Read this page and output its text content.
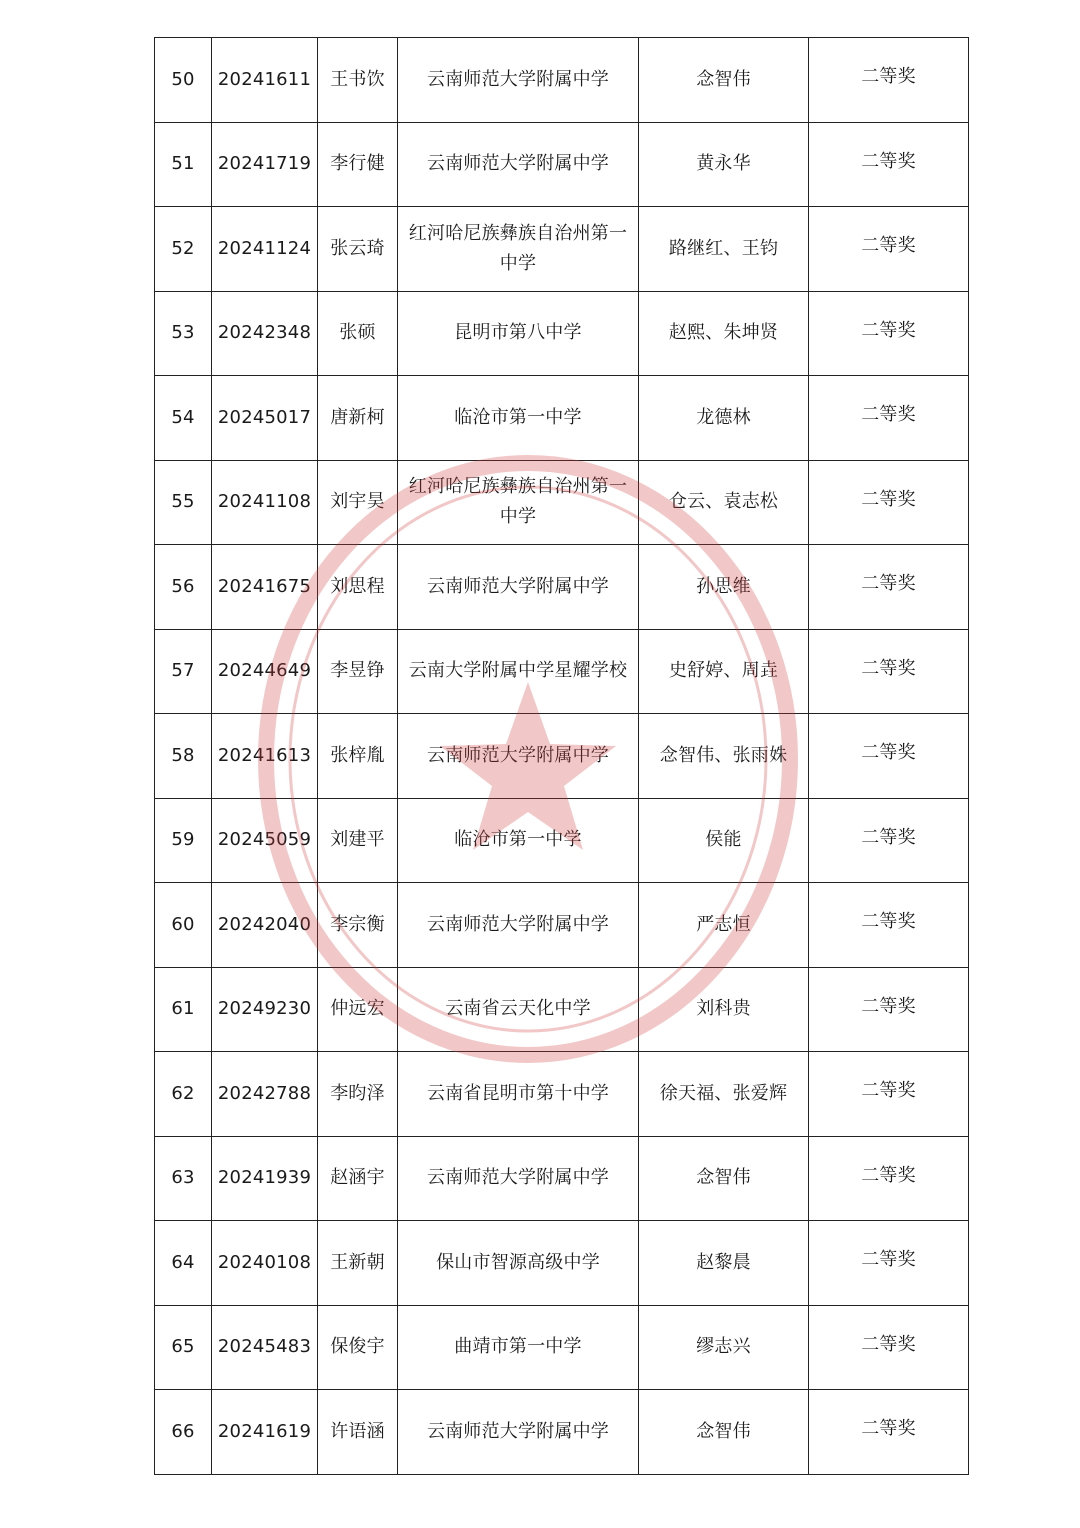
50	20241611	王书饮	云南师范大学附属中学	念智伟	二等奖
51	20241719	李行健	云南师范大学附属中学	黄永华	二等奖
52	20241124	张云琦	红河哈尼族彝族自治州第一中学	路继红、王钧	二等奖
53	20242348	张硕	昆明市第八中学	赵熙、朱坤贤	二等奖
54	20245017	唐新柯	临沧市第一中学	龙德林	二等奖
55	20241108	刘宇昊	红河哈尼族彝族自治州第一中学	仓云、袁志松	二等奖
56	20241675	刘思程	云南师范大学附属中学	孙思维	二等奖
57	20244649	李昱铮	云南大学附属中学星耀学校	史舒婷、周垚	二等奖
58	20241613	张梓胤	云南师范大学附属中学	念智伟、张雨姝	二等奖
59	20245059	刘建平	临沧市第一中学	侯能	二等奖
60	20242040	李宗衡	云南师范大学附属中学	严志恒	二等奖
61	20249230	仲远宏	云南省云天化中学	刘科贵	二等奖
62	20242788	李昀泽	云南省昆明市第十中学	徐天福、张爱辉	二等奖
63	20241939	赵涵宇	云南师范大学附属中学	念智伟	二等奖
64	20240108	王新朝	保山市智源高级中学	赵黎晨	二等奖
65	20245483	保俊宇	曲靖市第一中学	缪志兴	二等奖
66	20241619	许语涵	云南师范大学附属中学	念智伟	二等奖
